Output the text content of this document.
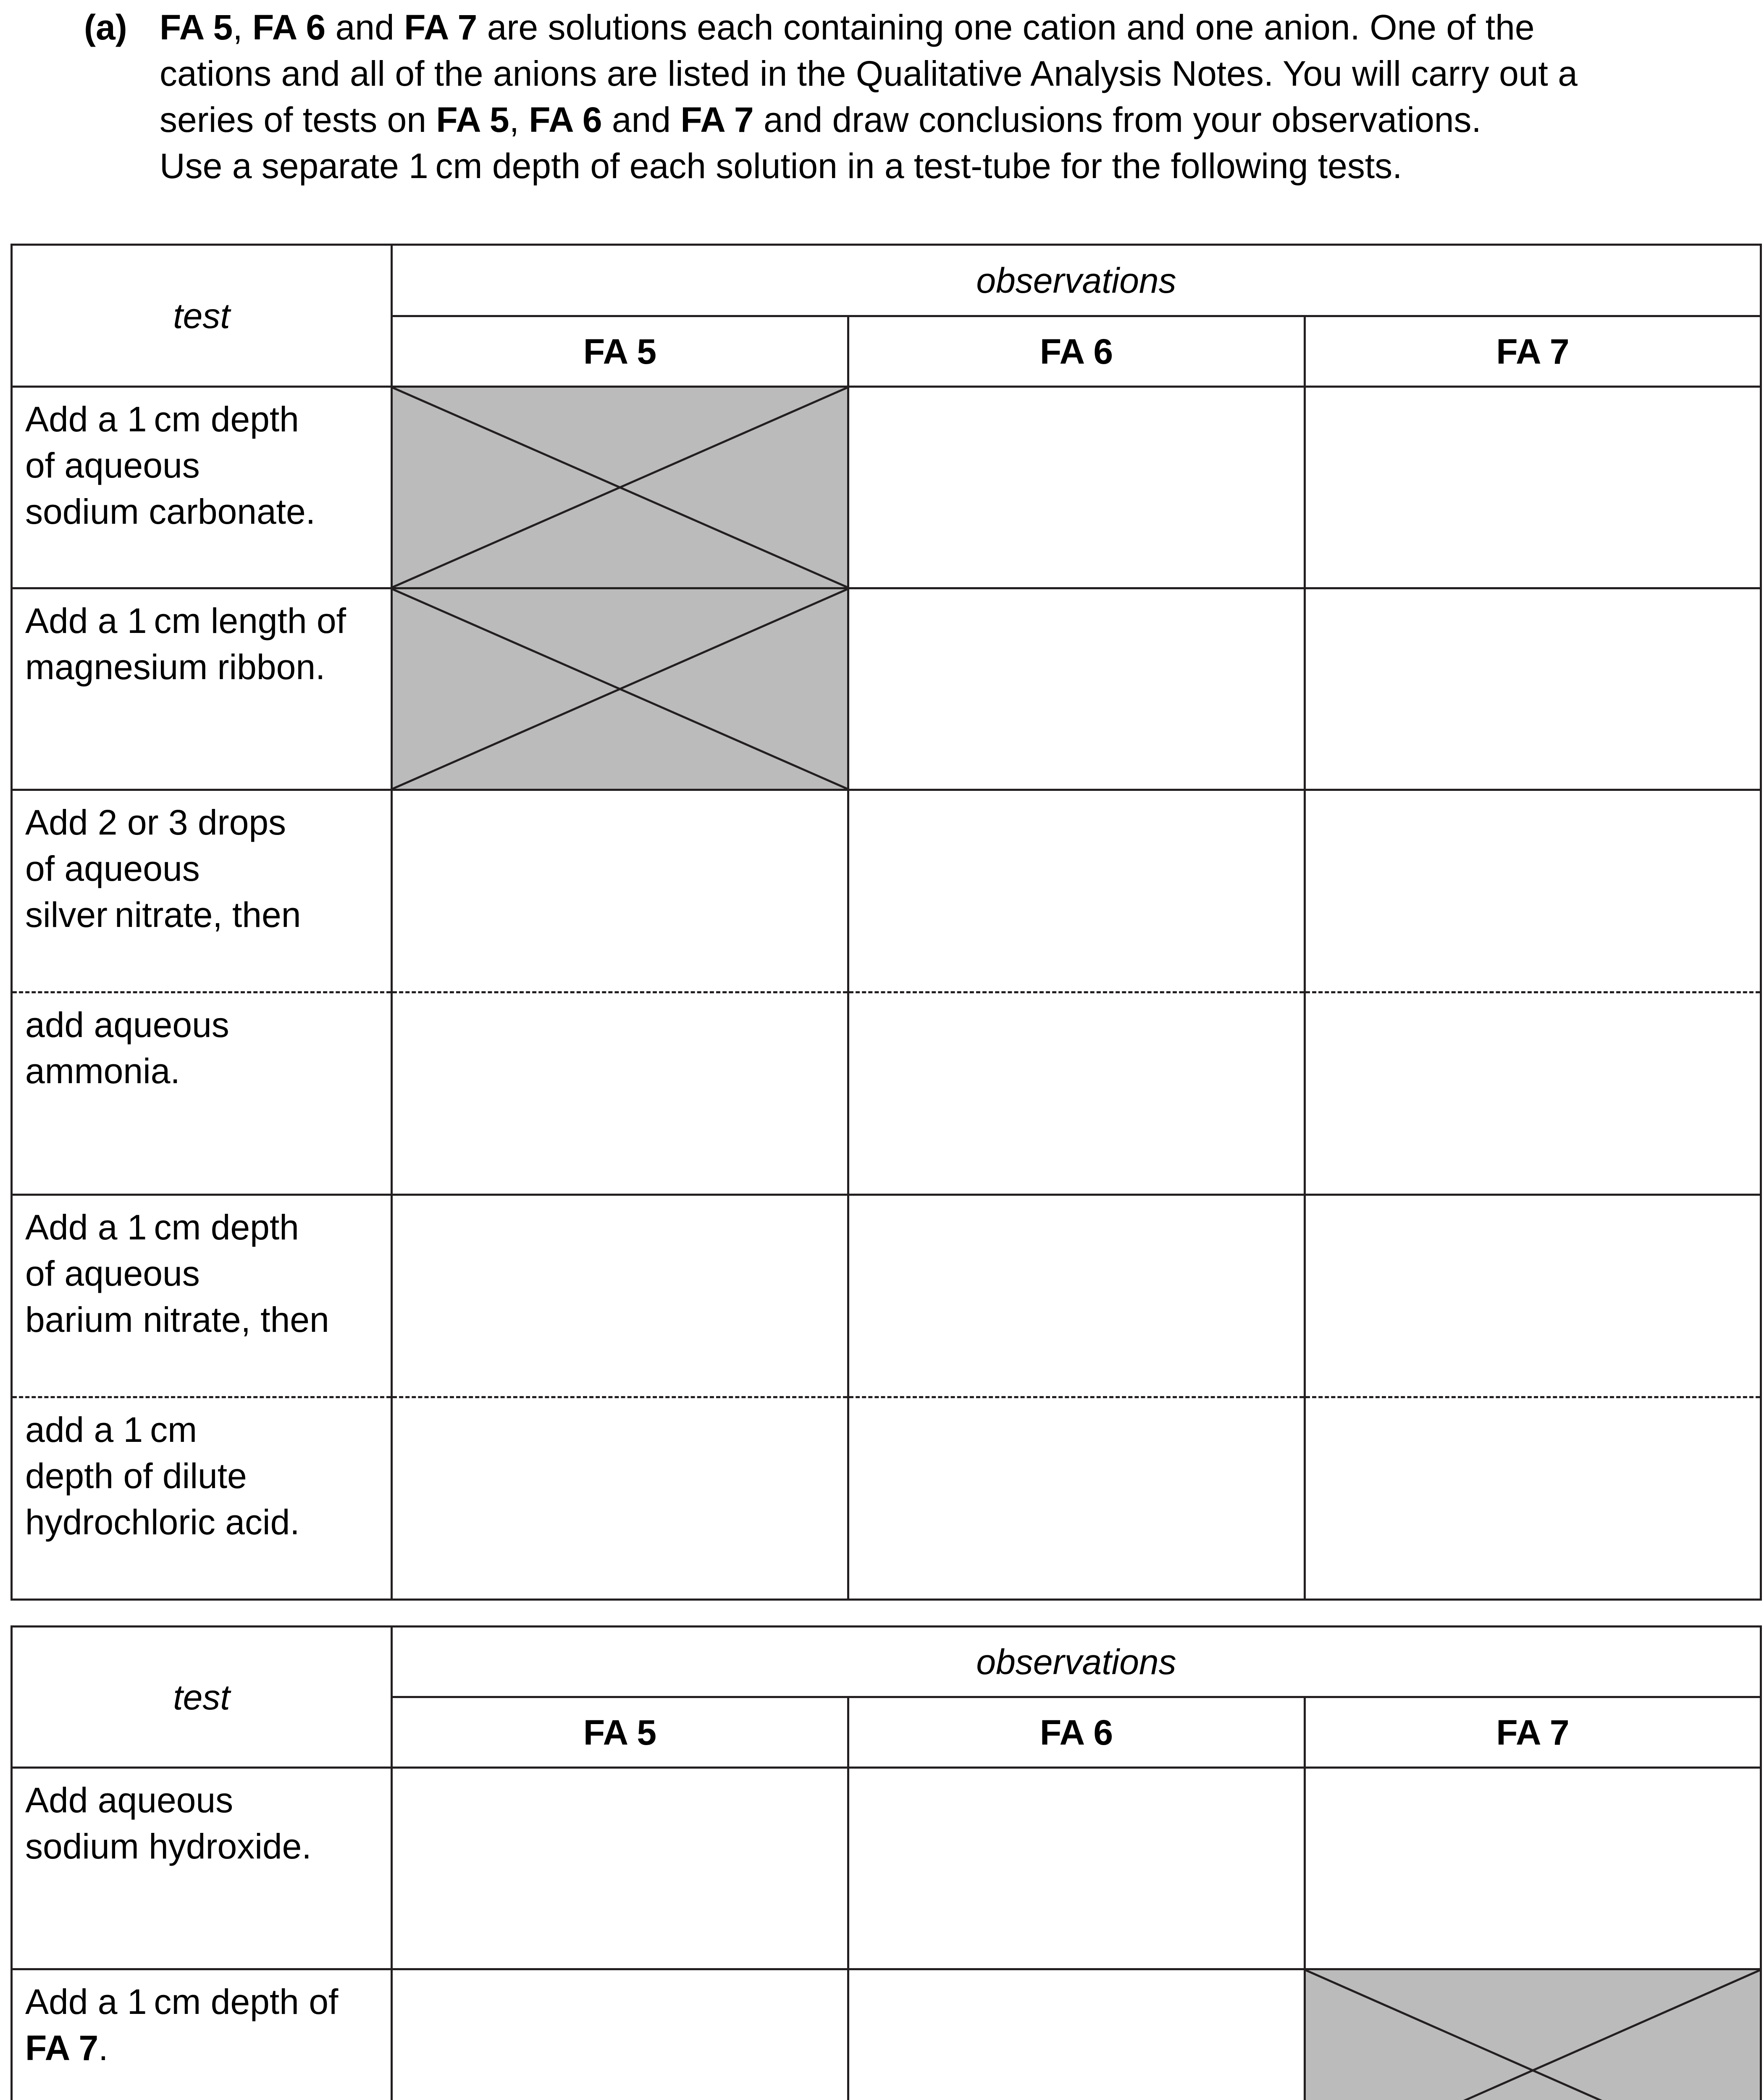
(a) FA 5, FA 6 and FA 7 are solutions each containing one cation and one anion. One of the
cations and all of the anions are listed in the Qualitative Analysis Notes. You will carry out a
series of tests on FA 5, FA 6 and FA 7 and draw conclusions from your observations.
Use a separate 1 cm depth of each solution in a test-tube for the following tests.
test	observations		
	FA 5	FA 6	FA 7

Add a 1 cm depth
of aqueous
sodium carbonate.

Add a 1 cm length of
magnesium ribbon.

Add 2 or 3 drops
of aqueous
silver nitrate, then			

add aqueous
ammonia.			

Add a 1 cm depth
of aqueous
barium nitrate, then			

add a 1 cm
depth of dilute
hydrochloric acid.			

test	observations		
	FA 5	FA 6	FA 7

Add aqueous
sodium hydroxide.			

Add a 1 cm depth of
FA 7.
